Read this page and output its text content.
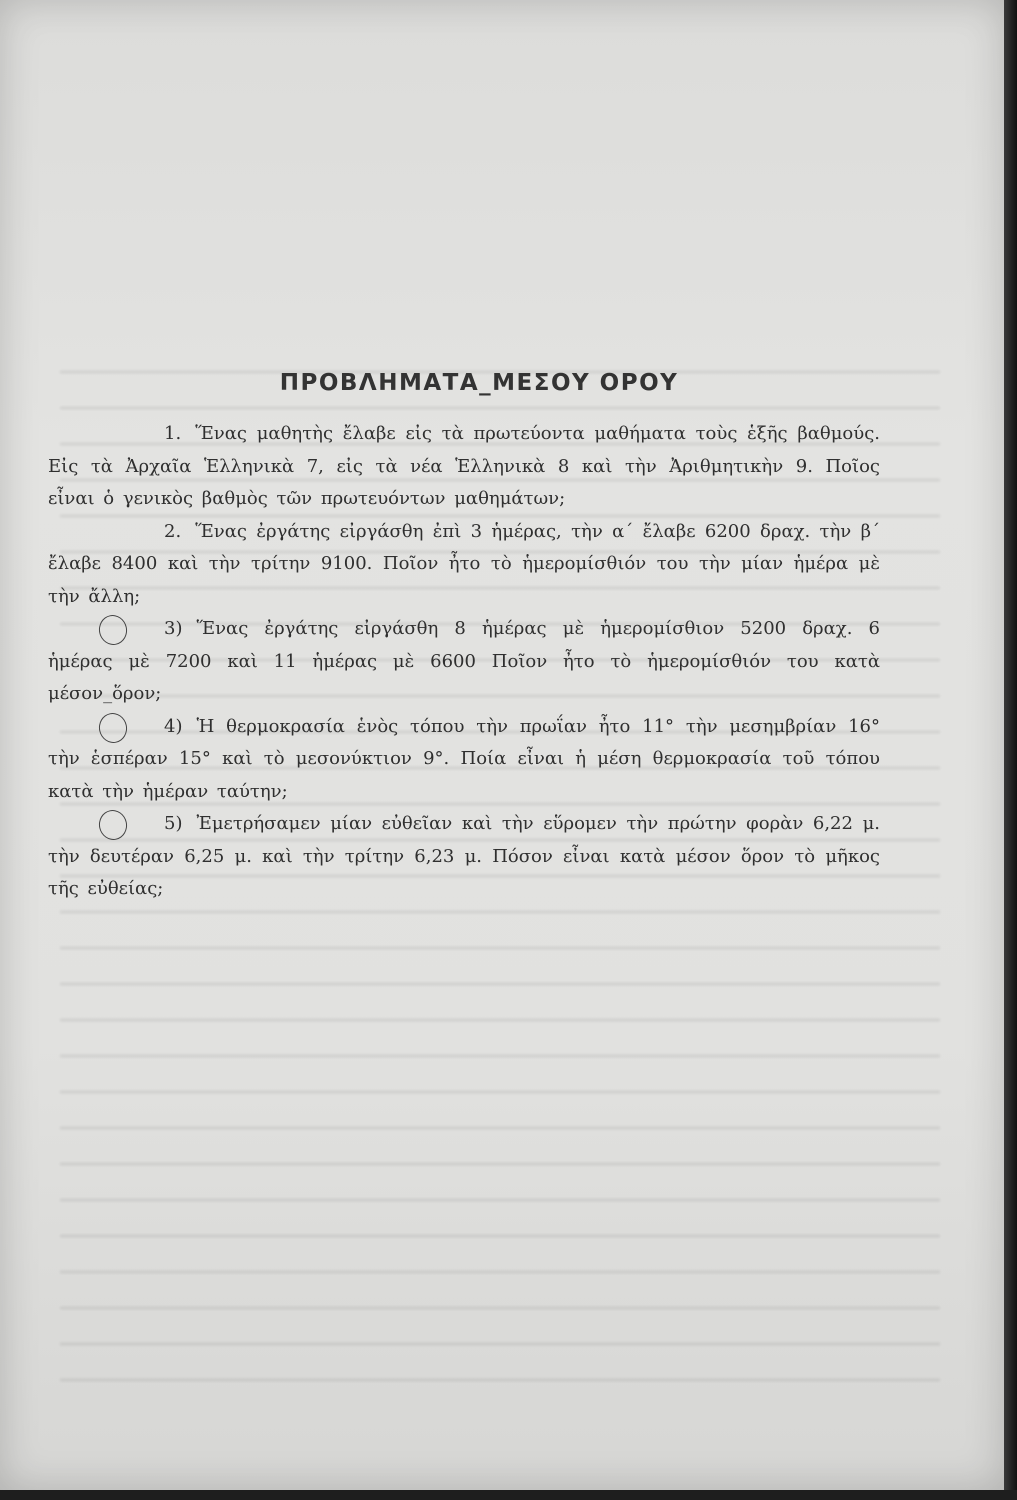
ΠΡΟΒΛΗΜΑΤΑ_ΜΕΣΟΥ ΟΡΟΥ

1. Ἕνας μαθητὴς ἔλαβε εἰς τὰ πρωτεύοντα μαθήματα τοὺς ἑξῆς βαθμούς. Εἰς τὰ Ἀρχαῖα Ἑλληνικὰ 7, εἰς τὰ νέα Ἑλληνικὰ 8 καὶ τὴν Ἀριθμητικὴν 9. Ποῖος εἶναι ὁ γενικὸς βαθμὸς τῶν πρωτευόντων μαθημάτων;

2. Ἕνας ἐργάτης εἰργάσθη ἐπὶ 3 ἡμέρας, τὴν α΄ ἔλαβε 6200 δραχ. τὴν β΄ ἔλαβε 8400 καὶ τὴν τρίτην 9100. Ποῖον ἦτο τὸ ἡμερομίσθιόν του τὴν μίαν ἡμέρα μὲ τὴν ἄλλη;

3) Ἕνας ἐργάτης εἰργάσθη 8 ἡμέρας μὲ ἡμερομίσθιον 5200 δραχ. 6 ἡμέρας μὲ 7200 καὶ 11 ἡμέρας μὲ 6600 Ποῖον ἦτο τὸ ἡμερομίσθιόν του κατὰ μέσον_ὅρον;

4) Ἡ θερμοκρασία ἑνὸς τόπου τὴν πρωΐαν ἦτο 11° τὴν μεσημβρίαν 16° τὴν ἑσπέραν 15° καὶ τὸ μεσονύκτιον 9°. Ποία εἶναι ἡ μέση θερμοκρασία τοῦ τόπου κατὰ τὴν ἡμέραν ταύτην;

5) Ἐμετρήσαμεν μίαν εὐθεῖαν καὶ τὴν εὕρομεν τὴν πρώτην φορὰν 6,22 μ. τὴν δευτέραν 6,25 μ. καὶ τὴν τρίτην 6,23 μ. Πόσον εἶναι κατὰ μέσον ὅρον τὸ μῆκος τῆς εὐθείας;
